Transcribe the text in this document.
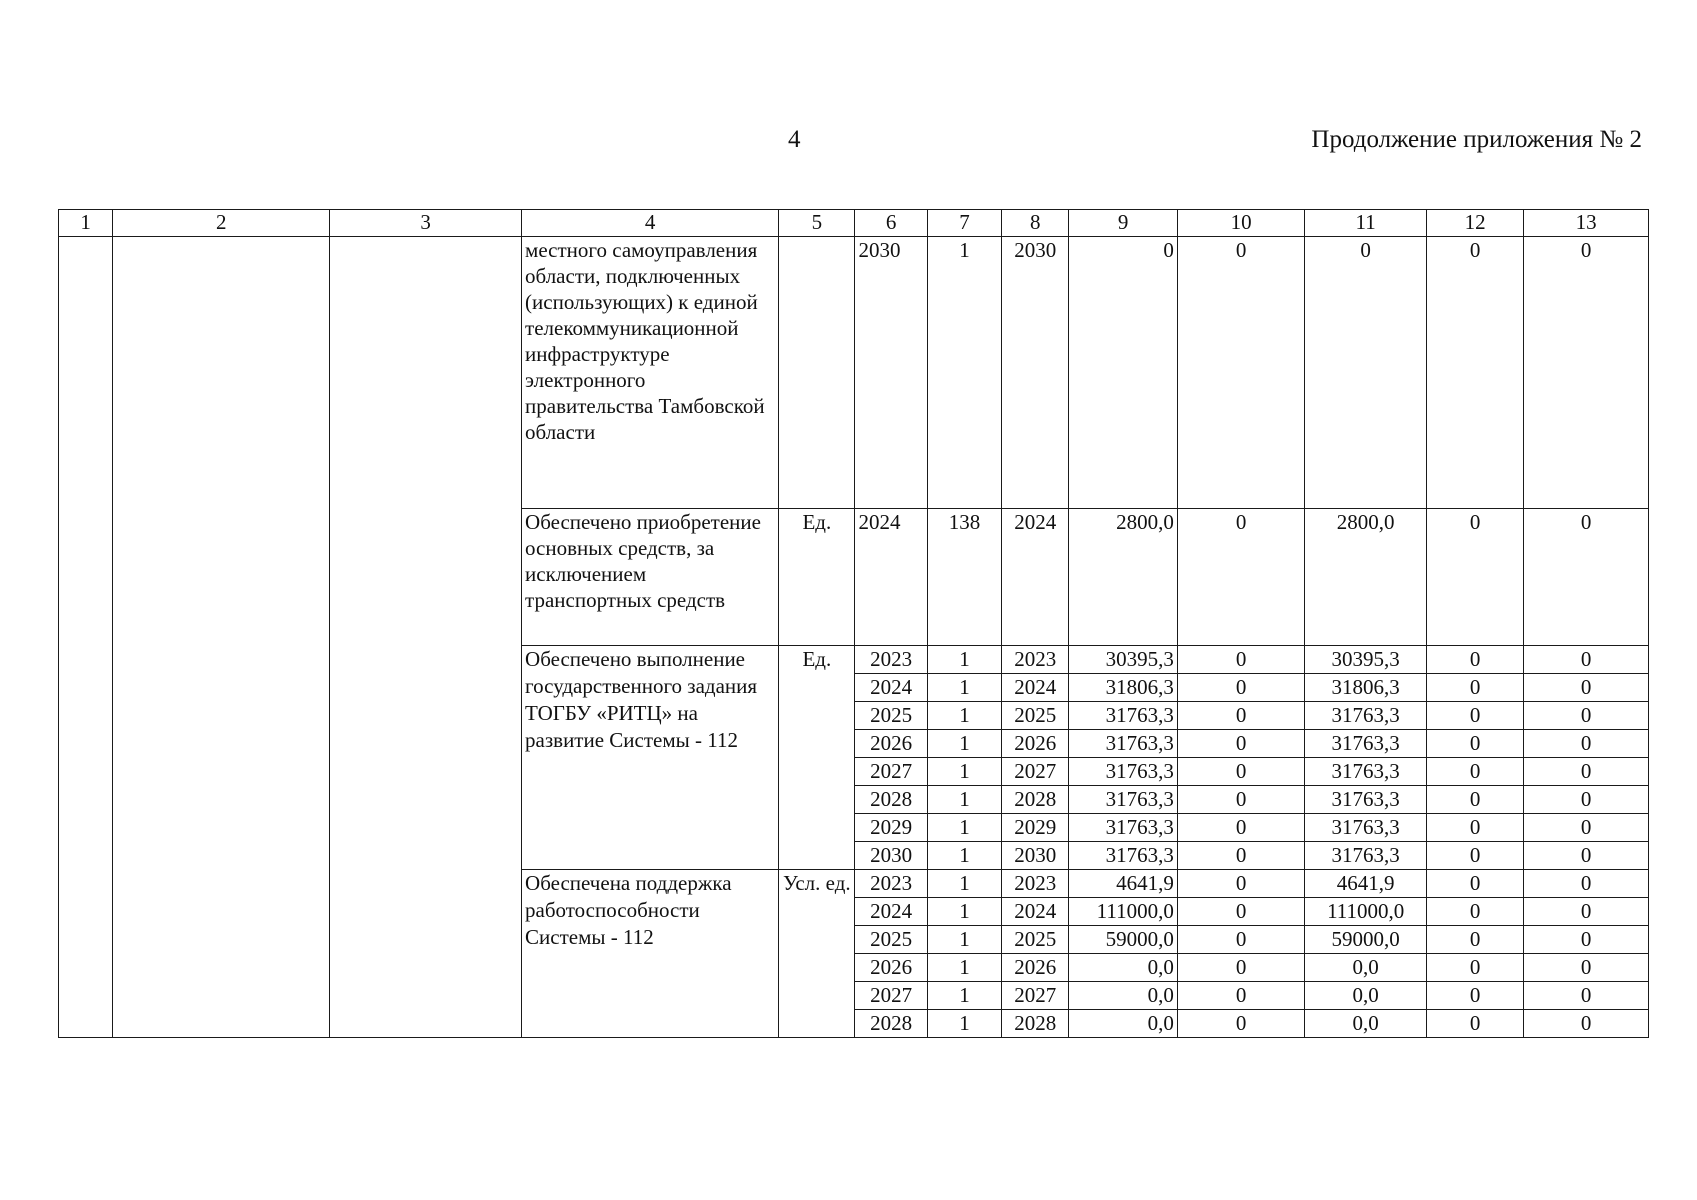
4	Продолжение приложения № 2
1	2	3	4	5	6	7	8	9	10	11	12	13
			местного самоуправления области, подключенных (использующих) к единой телекоммуникационной инфраструктуре электронного правительства Тамбовской области		2030	1	2030	0	0	0	0	0
			Обеспечено приобретение основных средств, за исключением транспортных средств	Ед.	2024	138	2024	2800,0	0	2800,0	0	0
			Обеспечено выполнение государственного задания ТОГБУ «РИТЦ» на развитие Системы - 112	Ед.	2023	1	2023	30395,3	0	30395,3	0	0
					2024	1	2024	31806,3	0	31806,3	0	0
					2025	1	2025	31763,3	0	31763,3	0	0
					2026	1	2026	31763,3	0	31763,3	0	0
					2027	1	2027	31763,3	0	31763,3	0	0
					2028	1	2028	31763,3	0	31763,3	0	0
					2029	1	2029	31763,3	0	31763,3	0	0
					2030	1	2030	31763,3	0	31763,3	0	0
			Обеспечена поддержка работоспособности Системы - 112	Усл. ед.	2023	1	2023	4641,9	0	4641,9	0	0
					2024	1	2024	111000,0	0	111000,0	0	0
					2025	1	2025	59000,0	0	59000,0	0	0
					2026	1	2026	0,0	0	0,0	0	0
					2027	1	2027	0,0	0	0,0	0	0
					2028	1	2028	0,0	0	0,0	0	0
